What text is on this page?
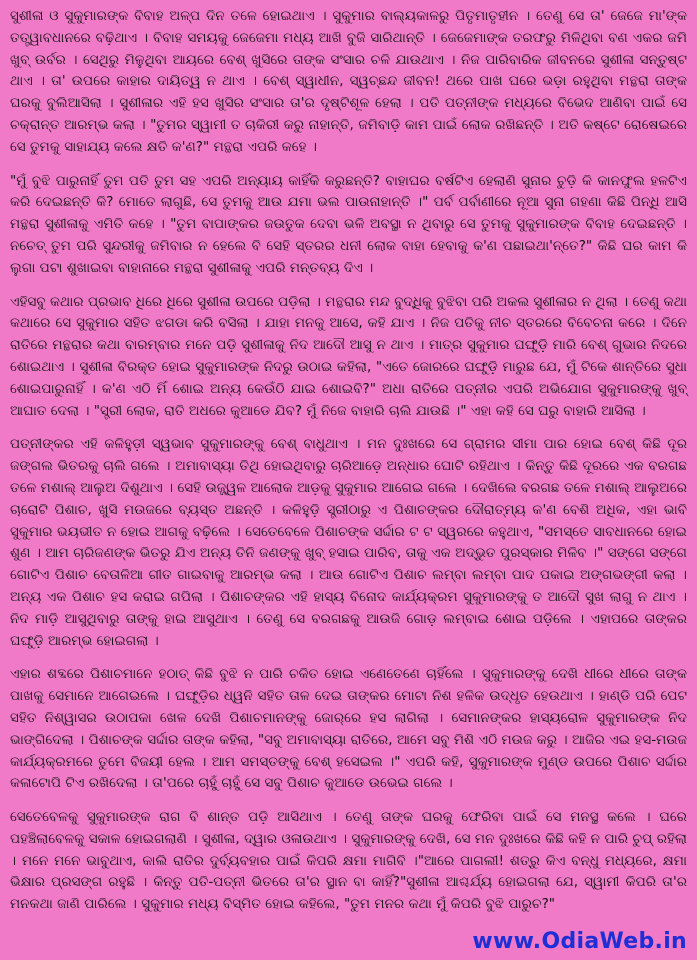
ସୁଶୀଳା ଓ ସୁକୁମାରଙ୍କ ବିବାହ ଅଳ୍ପ ଦିନ ତଳେ ହୋଇଥାଏ । ସୁକୁମାର ବାଲ୍ୟକାଳରୁ ପିତୃମାତୃହୀନ । ତେଣୁ ସେ ତା' ଜେଜେ ମା'ଙ୍କ ତତ୍ତ୍ୱାବଧାନରେ ବଢ଼ିଥାଏ । ବିବାହ ସମୟକୁ ଜେଜେମା ମଧ୍ୟ ଆଖି ବୁଜି ସାରିଥାନ୍ତି । ଜେଜେମାଙ୍କ ତରଫରୁ ମିଳିଥିବା ବଣ ଏକର ଜମି ଖୁବ୍ ଉର୍ବର । ସେଥିରୁ ମିଳୁଥିବା ଆୟରେ ବେଶ୍ ଖୁସିରେ ତାଙ୍କ ସଂସାର ଚଳି ଯାଉଥାଏ । ନିଜ ପାରିବାରିକ ଜୀବନରେ ସୁଶୀଳା ସନ୍ତୁଷ୍ଟ ଥାଏ । ତା' ଉପରେ କାହାର ଦାୟିତ୍ୱ ନ ଥାଏ । ବେଶ୍ ସ୍ୱାଧୀନ, ସ୍ୱଚ୍ଛନ୍ଦ ଜୀବନ! ଥରେ ପାଖ ଘରେ ଭଡ଼ା ରହୁଥିବା ମନ୍ଥରା ତାଙ୍କ ଘରକୁ ବୁଲିଆସିଲା । ସୁଶୀଳାର ଏହି ହସ ଖୁସିର ସଂସାର ତା'ର ଦୃଷ୍ଟିଶୂଳ ହେଲା । ପତି ପତ୍ନୀଙ୍କ ମଧ୍ୟରେ ବିଭେଦ ଆଣିବା ପାଇଁ ସେ ଚକ୍ରାନ୍ତ ଆରମ୍ଭ କଲା । "ତୁମର ସ୍ୱାମୀ ତ ଚାକିରୀ କରୁ ନାହାନ୍ତି, ଜମିବାଡ଼ି କାମ ପାଇଁ ଲୋକ ରଖିଛନ୍ତି । ଅତି କଷ୍ଟେ ରୋଷେଇରେ ସେ ତୁମକୁ ସାହାଯ୍ୟ କଲେ କ୍ଷତି କ'ଣ?" ମନ୍ଥରା ଏପରି କହେ ।

"ମୁଁ ବୁଝି ପାରୁନାହିଁ ତୁମ ପତି ତୁମ ସହ ଏପରି ଅନ୍ୟାୟ କାହିଁକି କରୁଛନ୍ତି? ବାହାଘର ବର୍ଷଟିଏ ହେଲାଣି ସୁନାର ଚୁଡ଼ି କି କାନଫୁଲ ହଳଟିଏ କରି ଦେଇଛନ୍ତି କି? ମୋତେ ଲାଗୁଛି, ସେ ତୁମକୁ ଆଉ ଯମା ଭଲ ପାଉନାହାନ୍ତି ।" ପର୍ବ ପର୍ବାଣୀରେ ନୂଆ ସୁନା ଗହଣା କିଛି ପିନ୍ଧି ଆସି ମନ୍ଥରା ସୁଶୀଳାକୁ ଏମିତି କହେ । "ତୁମ ବାପାଙ୍କର ଜଉତୁକ ଦେବା ଭଳି ଅବସ୍ଥା ନ ଥିବାରୁ ସେ ତୁମକୁ ସୁକୁମାରଙ୍କ ବିବାହ ଦେଇଛନ୍ତି । ନଚେତ୍ ତୁମ ପରି ସୁନ୍ଦରୀକୁ ଜମିବାର ନ ହେଲେ ବି ସେହି ସ୍ତରର ଧନୀ ଲୋକ ବାହା ହେବାକୁ କ'ଣ ପଛାଇଥା'ନ୍ତେ?" କିଛି ଘର କାମ କି ଲୁଗା ପଟା ଶୁଖାଇବା ବାହାନାରେ ମନ୍ଥରା ସୁଶୀଳାକୁ ଏପରି ମନ୍ତବ୍ୟ ଦିଏ ।

ଏହିସବୁ କଥାର ପ୍ରଭାବ ଧିରେ ଧିରେ ସୁଶୀଳା ଉପରେ ପଡ଼ିଲା । ମନ୍ଥରାର ମନ୍ଦ ବୁଦ୍ଧିକୁ ବୁଝିବା ପରି ଅକଲ ସୁଶୀଳାର ନ ଥିଲା । ତେଣୁ କଥା କଥାରେ ସେ ସୁକୁମାର ସହିତ ଝଗଡା କରି ବସିଲା । ଯାହା ମନକୁ ଆସେ, କହି ଯାଏ । ନିଜ ପତିକୁ ନୀଚ ସ୍ତରରେ ବିବେଚନା କରେ । ଦିନେ ରାତିରେ ମନ୍ଥରାର କଥା ବାରମ୍ବାର ମନେ ପଡ଼ି ସୁଶୀଳାକୁ ନିଦ ଆଦୌ ଆସୁ ନ ଥାଏ । ମାତ୍ର ସୁକୁମାର ଘଙ୍ଘୁଡ଼ି ମାରି ବେଶ୍ ଗୁଭାର ନିଦରେ ଶୋଇଥାଏ । ସୁଶୀଳା ବିରକ୍ତ ହୋଇ ସୁକୁମାରଙ୍କ ନିଦରୁ ଉଠାଇ କହିଲା, "ଏତେ ଜୋରରେ ଘଙ୍ଘୁଡ଼ି ମାରୁଛ ଯେ, ମୁଁ ଟିକେ ଶାନ୍ତିରେ ସୁଧା ଶୋଇପାରୁନାହିଁ । କ'ଣ ଏଠି ମିଁ ଶୋଇ ଅନ୍ୟ କେଉଁଠି ଯାଇ ଶୋଇବି?" ଅଧା ରାତିରେ ପତ୍ନୀର ଏପରି ଅଭିଯୋଗ ସୁକୁମାରଙ୍କୁ ଖୁବ୍ ଆଘାତ ଦେଲା । "ସ୍ତ୍ରୀ ଲୋକ, ରାତି ଅଧରେ କୁଆଡେ ଯିବ? ମୁଁ ନିଜେ ବାହାରି ଚାଲି ଯାଉଛି ।" ଏହା କହି ସେ ଘରୁ ବାହାରି ଆସିଲା ।

ପତ୍ନୀଙ୍କର ଏହି କଳିହୁଡ଼ୀ ସ୍ୱଭାବ ସୁକୁମାରଙ୍କୁ ବେଶ୍ ବାଧୁଥାଏ । ମନ ଦୁଃଖରେ ସେ ଗ୍ରାମର ସୀମା ପାର ହୋଇ ବେଶ୍ କିଛି ଦୂର ଜଙ୍ଗଲ ଭିତରକୁ ଚାଲି ଗଲେ । ଅମାବାସ୍ୟା ତିଥି ହୋଇଥିବାରୁ ଚାରିଆଡ଼େ ଅନ୍ଧାର ଘୋଟି ରହିଥାଏ । କିନ୍ତୁ କିଛି ଦୂରରେ ଏକ ବରଗଛ ତଳେ ମଶାଲ୍ ଆଲୁଅ ଦିଶୁଥାଏ । ସେହି ଉଜ୍ଜ୍ୱଳ ଆଲୋକ ଆଡ଼କୁ ସୁକୁମାର ଆଗେଇ ଗଲେ । ଦେଖିଲେ ବରଗଛ ତଳେ ମଶାଲ୍ ଆଲୁଅରେ ଚାରୋଟି ପିଶାଚ, ଖୁସି ମଉଜରେ ବ୍ୟସ୍ତ ଅଛନ୍ତି । କଳିହୁଡ଼ି ସ୍ତ୍ରୀଠାରୁ ଏ ପିଶାଚଙ୍କର ଦୌରାତ୍ମ୍ୟ କ'ଣ ବେଶି ଅଧିକ, ଏହା ଭାବି ସୁକୁମାର ଭୟଭୀତ ନ ହୋଇ ଆଗକୁ ବଢ଼ିଲେ । ସେତେବେଳେ ପିଶାଚଙ୍କ ସର୍ଦ୍ଦାର ଟ ଟ ସ୍ୱରରେ କହୁଥାଏ, "ସମସ୍ତେ ସାବଧାନରେ ହୋଇ ଶୁଣ । ଆମ ଚାରିଜଣଙ୍କ ଭିତରୁ ଯିଏ ଅନ୍ୟ ତିନି ଜଣଙ୍କୁ ଖୁବ୍ ହସାଇ ପାରିବ, ତାକୁ ଏକ ଅଦ୍ଭୁତ ପୁରସ୍କାର ମିଳିବ ।" ସଙ୍ଗେ ସଙ୍ଗେ ଗୋଟିଏ ପିଶାଚ ବେତାଳିଆ ଗୀତ ଗାଇବାକୁ ଆରମ୍ଭ କଲା । ଆଉ ଗୋଟିଏ ପିଶାଚ ଲମ୍ବା ଲମ୍ବା ପାଦ ପକାଇ ଅଙ୍ଗଭଙ୍ଗୀ କଲା । ଅନ୍ୟ ଏକ ପିଶାଚ ହସ କରାଇ ଗପିଲା । ପିଶାଚଙ୍କର ଏହି ହାସ୍ୟ ବିନୋଦ କାର୍ଯ୍ୟକ୍ରମ ସୁକୁମାରଙ୍କୁ ତ ଆଦୌ ସୁଖ ଲାଗୁ ନ ଥାଏ । ନିଦ ମାଡ଼ି ଆସୁଥିବାରୁ ତାଙ୍କୁ ହାଇ ଆସୁଥାଏ । ତେଣୁ ସେ ବରଗଛକୁ ଆଉଜି ଗୋଡ଼ ଲମ୍ବାଇ ଶୋଇ ପଡ଼ିଲେ । ଏହାପରେ ତାଙ୍କର ଘଙ୍ଘୁଡ଼ି ଆରମ୍ଭ ହୋଇଗଲା ।

ଏହାର ଶବ୍ଦରେ ପିଶାଚମାନେ ହଠାତ୍ କିଛି ବୁଝି ନ ପାରି ଚକିତ ହୋଇ ଏଣେତେଣେ ଚାହିଁଲେ । ସୁକୁମାରଙ୍କୁ ଦେଖି ଧୀରେ ଧୀରେ ତାଙ୍କ ପାଖକୁ ସେମାନେ ଆଗେଇଲେ । ଘଙ୍ଘୁଡ଼ିର ଧ୍ୱନି ସହିତ ତାଳ ଦେଇ ତାଙ୍କର ମୋଟା ନିଶ ହଳିକ ଉଦ୍ଧୃତ ହେଉଥାଏ । ହାଣ୍ଡି ପରି ପେଟ ସହିତ ନିଶ୍ୱାସର ଉଠାପକା ଖେଳ ଦେଖି ପିଶାଚମାନଙ୍କୁ ଜୋର୍‌ରେ ହସ ଲାଗିଲା । ସେମାନଙ୍କର ହାସ୍ୟରୋଳ ସୁକୁମାରଙ୍କ ନିଦ ଭାଙ୍ଗିଦେଲା । ପିଶାଚଙ୍କ ସର୍ଦ୍ଦାର ତାଙ୍କ କହିଲା, "ସବୁ ଅମାବାସ୍ୟା ରାତିରେ, ଆମେ ସବୁ ମିଶି ଏଠି ମଉଜ କରୁ । ଆଜିର ଏଇ ହସ-ମଉଜ କାର୍ଯ୍ୟକ୍ରମରେ ତୁମେ ବିଜୟୀ ହେଲ । ଆମ ସମସ୍ତଙ୍କୁ ବେଶ୍ ହସେଇଲ ।" ଏପରି କହି, ସୁକୁମାରଙ୍କ ମୁଣ୍ଡ ଉପରେ ପିଶାଚ ସର୍ଦ୍ଦାର କଳାଟୋପି ଟିଏ ରଖିଦେଲା । ତା'ପରେ ଚାହୁଁ ଚାହୁଁ ସେ ସବୁ ପିଶାଚ କୁଆଡେ ଉଭେଇ ଗଲେ ।

ସେତେବେଳକୁ ସୁକୁମାରଙ୍କ ରାଗ ବି ଶାନ୍ତ ପଡ଼ି ଆସିଥାଏ । ତେଣୁ ତାଙ୍କ ଘରକୁ ଫେରିବା ପାଇଁ ସେ ମନସ୍ଥ କଲେ । ଘରେ ପହଞ୍ଚିଲାବେଳକୁ ସକାଳ ହୋଇଗଲାଣି । ସୁଶୀଳା, ଦ୍ୱାର ଓଳାଉଥାଏ । ସୁକୁମାରଙ୍କୁ ଦେଖି, ସେ ମନ ଦୁଃଖରେ କିଛି କହି ନ ପାରି ଚୁପ୍ ରହିଲା । ମନେ ମନେ ଭାବୁଥାଏ, କାଲି ରାତିର ଦୁର୍ବ୍ୟବହାର ପାଇଁ କିପରି କ୍ଷମା ମାଗିବି ।"ଆରେ ପାଗଲୀ! ଶତ୍ରୁ କିଏ ବନ୍ଧୁ ମଧ୍ୟରେ, କ୍ଷମା ଭିକ୍ଷାର ପ୍ରସଙ୍ଗ ରହୁଛି । କିନ୍ତୁ ପତି-ପତ୍ନୀ ଭିତରେ ତା'ର ସ୍ଥାନ ବା କାହିଁ?"ସୁଶୀଳା ଆଶ୍ଚର୍ଯ୍ୟ ହୋଇଗଲା ଯେ, ସ୍ୱାମୀ କିପରି ତା'ର ମନକଥା ଜାଣି ପାରିଲେ । ସୁକୁମାର ମଧ୍ୟ ବିସ୍ମିତ ହୋଇ କହିଲେ, "ତୁମ ମନର କଥା ମୁଁ କିପରି ବୁଝି ପାରୁଚ?"

www.OdiaWeb.in
